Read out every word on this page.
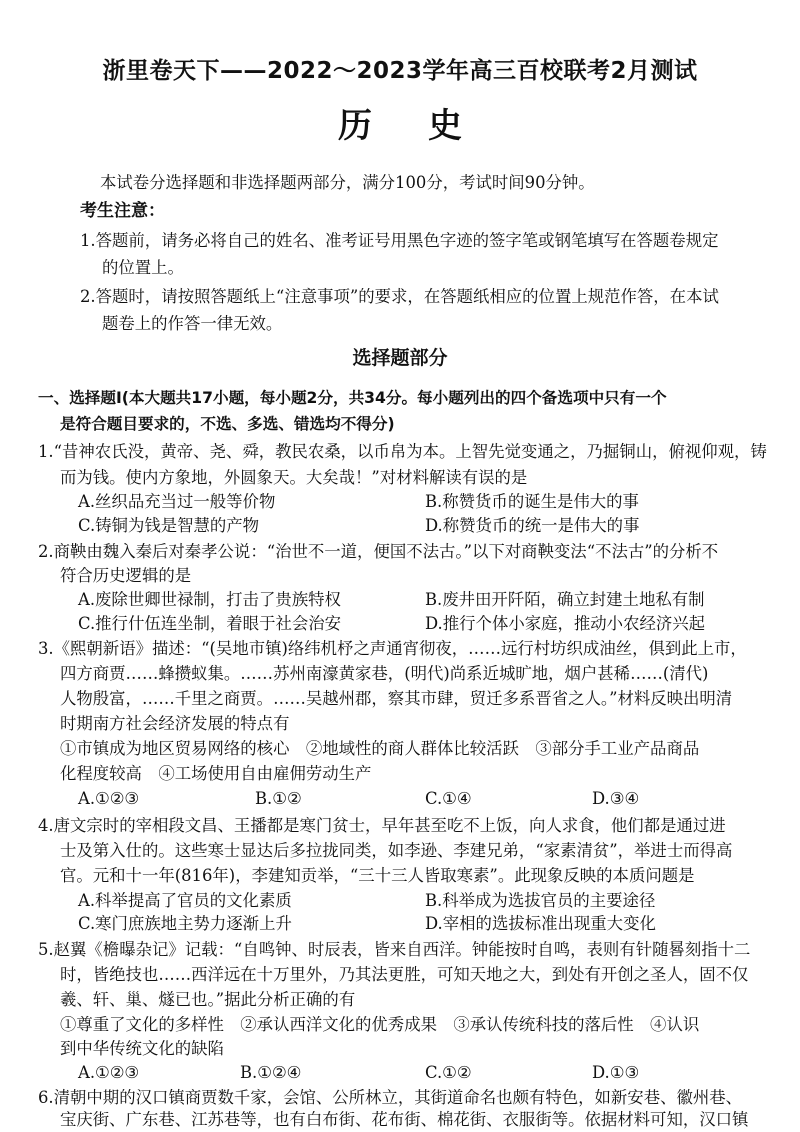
浙里卷天下——2022～2023学年高三百校联考2月测试
历史
本试卷分选择题和非选择题两部分，满分100分，考试时间90分钟。
考生注意：
1.答题前，请务必将自己的姓名、准考证号用黑色字迹的签字笔或钢笔填写在答题卷规定
的位置上。
2.答题时，请按照答题纸上“注意事项”的要求，在答题纸相应的位置上规范作答，在本试
题卷上的作答一律无效。
选择题部分
一、选择题Ⅰ(本大题共17小题，每小题2分，共34分。每小题列出的四个备选项中只有一个
是符合题目要求的，不选、多选、错选均不得分)
1.“昔神农氏没，黄帝、尧、舜，教民农桑，以币帛为本。上智先觉变通之，乃掘铜山，俯视仰观，铸
而为钱。使内方象地，外圆象天。大矣哉！”对材料解读有误的是
A.丝织品充当过一般等价物	B.称赞货币的诞生是伟大的事
C.铸铜为钱是智慧的产物	D.称赞货币的统一是伟大的事
2.商鞅由魏入秦后对秦孝公说：“治世不一道，便国不法古。”以下对商鞅变法“不法古”的分析不
符合历史逻辑的是
A.废除世卿世禄制，打击了贵族特权	B.废井田开阡陌，确立封建土地私有制
C.推行什伍连坐制，着眼于社会治安	D.推行个体小家庭，推动小农经济兴起
3.《熙朝新语》描述：“(吴地市镇)络纬机杼之声通宵彻夜，……远行村坊织成油丝，俱到此上市，
四方商贾……蜂攒蚁集。……苏州南濠黄家巷，(明代)尚系近城旷地，烟户甚稀……(清代)
人物殷富，……千里之商贾。……吴越州郡，察其市肆，贸迁多系晋省之人。”材料反映出明清
时期南方社会经济发展的特点有
①市镇成为地区贸易网络的核心　②地域性的商人群体比较活跃　③部分手工业产品商品
化程度较高　④工场使用自由雇佣劳动生产
A.①②③	B.①②	C.①④	D.③④
4.唐文宗时的宰相段文昌、王播都是寒门贫士，早年甚至吃不上饭，向人求食，他们都是通过进
士及第入仕的。这些寒士显达后多拉拢同类，如李逊、李建兄弟，“家素清贫”，举进士而得高
官。元和十一年(816年)，李建知贡举，“三十三人皆取寒素”。此现象反映的本质问题是
A.科举提高了官员的文化素质	B.科举成为选拔官员的主要途径
C.寒门庶族地主势力逐渐上升	D.宰相的选拔标准出现重大变化
5.赵翼《檐曝杂记》记载：“自鸣钟、时辰表，皆来自西洋。钟能按时自鸣，表则有针随晷刻指十二
时，皆绝技也……西洋远在十万里外，乃其法更胜，可知天地之大，到处有开创之圣人，固不仅
羲、轩、巢、燧已也。”据此分析正确的有
①尊重了文化的多样性　②承认西洋文化的优秀成果　③承认传统科技的落后性　④认识
到中华传统文化的缺陷
A.①②③	B.①②④	C.①②	D.①③
6.清朝中期的汉口镇商贾数千家，会馆、公所林立，其街道命名也颇有特色，如新安巷、徽州巷、
宝庆街、广东巷、江苏巷等，也有白布街、花布街、棉花街、衣服街等。依据材料可知，汉口镇
